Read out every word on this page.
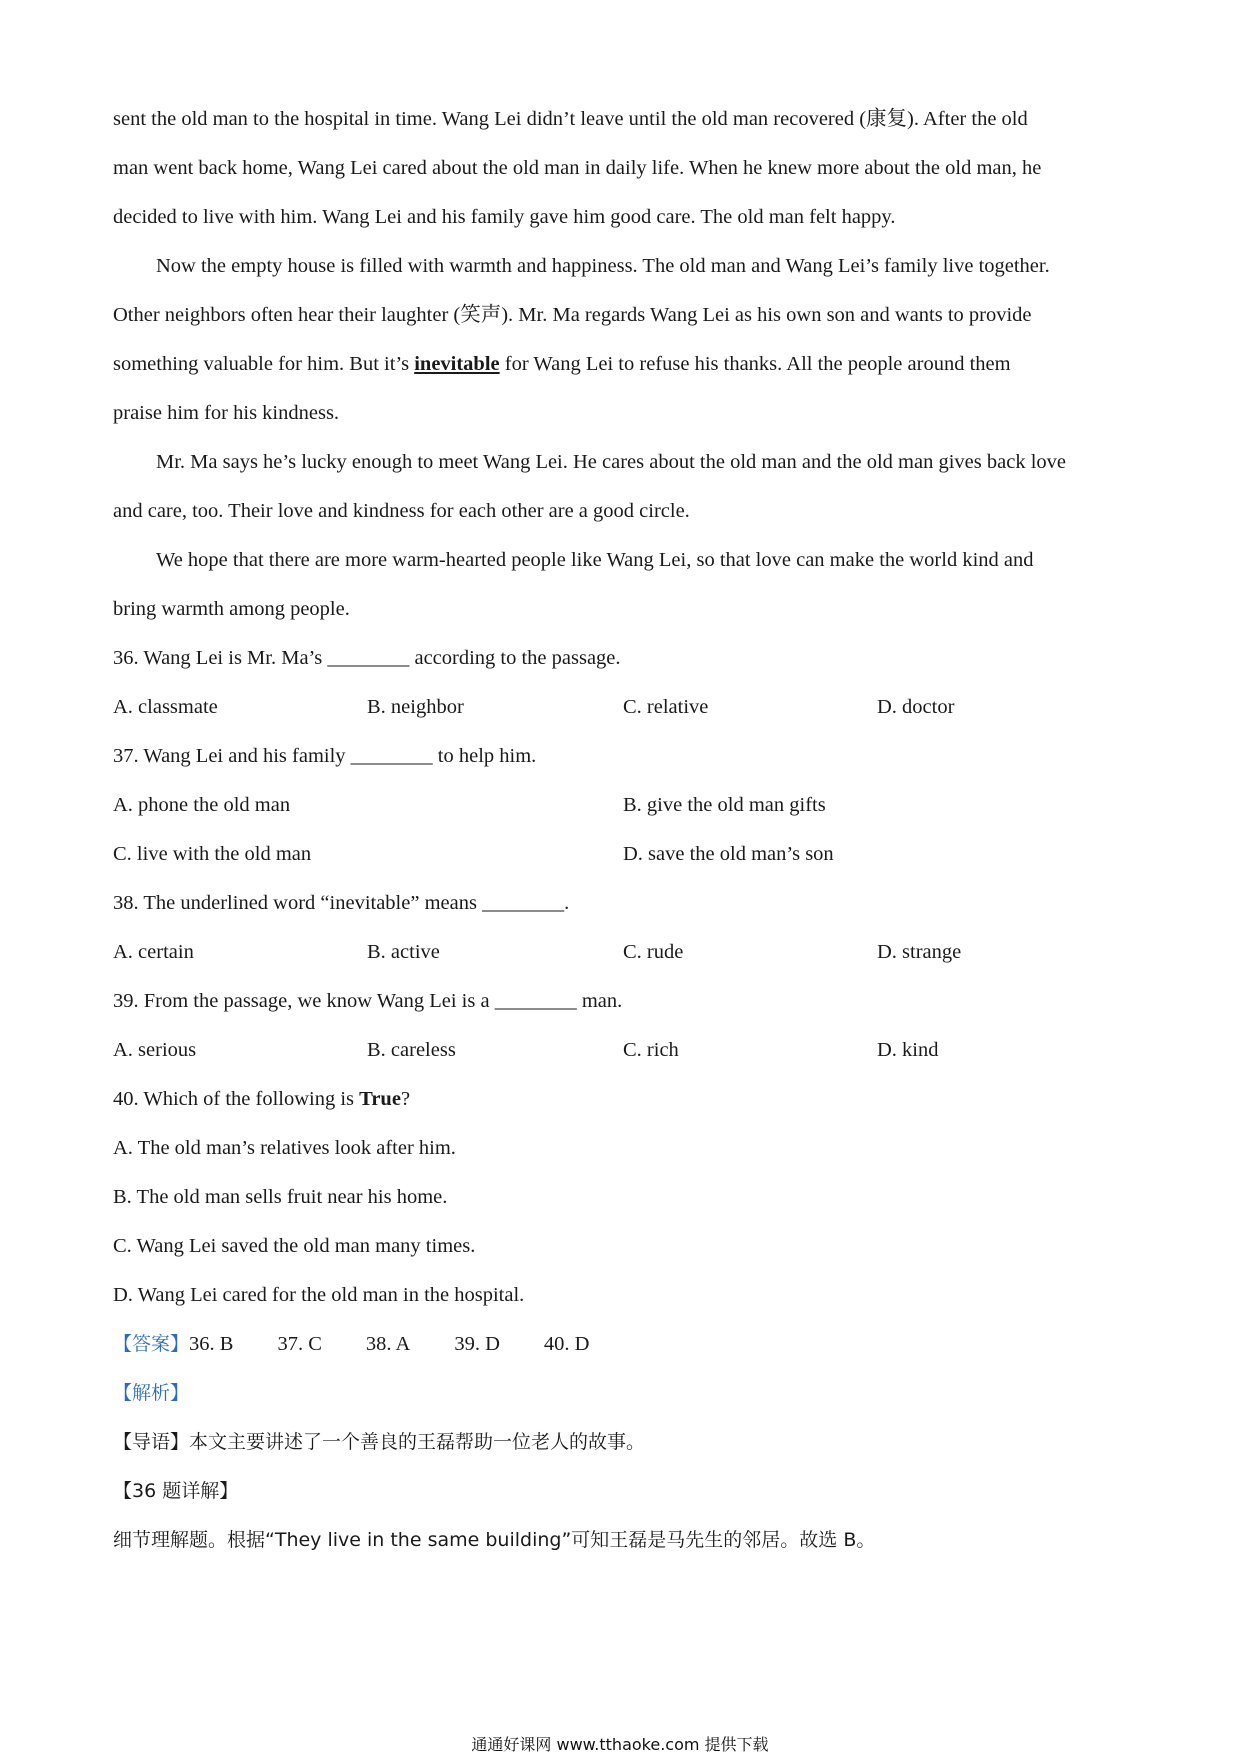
sent the old man to the hospital in time. Wang Lei didn’t leave until the old man recovered (康复). After the old
man went back home, Wang Lei cared about the old man in daily life. When he knew more about the old man, he
decided to live with him. Wang Lei and his family gave him good care. The old man felt happy.
Now the empty house is filled with warmth and happiness. The old man and Wang Lei’s family live together.
Other neighbors often hear their laughter (笑声). Mr. Ma regards Wang Lei as his own son and wants to provide
something valuable for him. But it’s inevitable for Wang Lei to refuse his thanks. All the people around them
praise him for his kindness.
Mr. Ma says he’s lucky enough to meet Wang Lei. He cares about the old man and the old man gives back love
and care, too. Their love and kindness for each other are a good circle.
We hope that there are more warm-hearted people like Wang Lei, so that love can make the world kind and
bring warmth among people.
36. Wang Lei is Mr. Ma’s ________ according to the passage.
A. classmate	B. neighbor	C. relative	D. doctor
37. Wang Lei and his family ________ to help him.
A. phone the old man	B. give the old man gifts
C. live with the old man	D. save the old man’s son
38. The underlined word “inevitable” means ________.
A. certain	B. active	C. rude	D. strange
39. From the passage, we know Wang Lei is a ________ man.
A. serious	B. careless	C. rich	D. kind
40. Which of the following is True?
A. The old man’s relatives look after him.
B. The old man sells fruit near his home.
C. Wang Lei saved the old man many times.
D. Wang Lei cared for the old man in the hospital.
【答案】36. B 37. C 38. A 39. D 40. D
【解析】
【导语】本文主要讲述了一个善良的王磊帮助一位老人的故事。
【36 题详解】
细节理解题。根据“They live in the same building”可知王磊是马先生的邻居。故选 B。
通通好课网 www.tthaoke.com 提供下载
